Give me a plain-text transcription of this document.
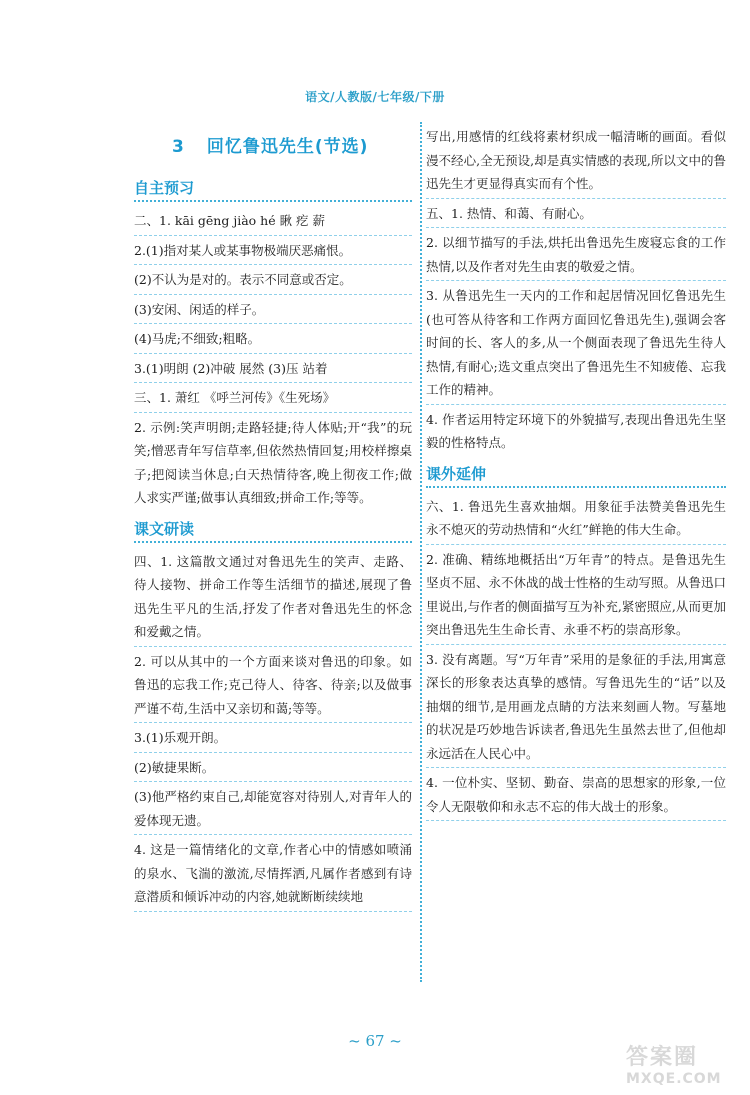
语文/人教版/七年级/下册
3 回忆鲁迅先生(节选)
自主预习

二、1. kāi gēng jiào hé 瞅 疙 薪

2.(1)指对某人或某事物极端厌恶痛恨。

(2)不认为是对的。表示不同意或否定。

(3)安闲、闲适的样子。

(4)马虎;不细致;粗略。

3.(1)明朗 (2)冲破 展然 (3)压 站着

三、1. 萧红 《呼兰河传》《生死场》

2. 示例:笑声明朗;走路轻捷;待人体贴;开“我”的玩笑;憎恶青年写信草率,但依然热情回复;用校样擦桌子;把阅读当休息;白天热情待客,晚上彻夜工作;做人求实严谨;做事认真细致;拼命工作;等等。

课文研读

四、1. 这篇散文通过对鲁迅先生的笑声、走路、待人接物、拼命工作等生活细节的描述,展现了鲁迅先生平凡的生活,抒发了作者对鲁迅先生的怀念和爱戴之情。

2. 可以从其中的一个方面来谈对鲁迅的印象。如鲁迅的忘我工作;克己待人、待客、待亲;以及做事严谨不苟,生活中又亲切和蔼;等等。

3.(1)乐观开朗。

(2)敏捷果断。

(3)他严格约束自己,却能宽容对待别人,对青年人的爱体现无遗。

4. 这是一篇情绪化的文章,作者心中的情感如喷涌的泉水、飞湍的激流,尽情挥洒,凡属作者感到有诗意潜质和倾诉冲动的内容,她就断断续续地

写出,用感情的红线将素材织成一幅清晰的画面。看似漫不经心,全无预设,却是真实情感的表现,所以文中的鲁迅先生才更显得真实而有个性。

五、1. 热情、和蔼、有耐心。

2. 以细节描写的手法,烘托出鲁迅先生废寝忘食的工作热情,以及作者对先生由衷的敬爱之情。

3. 从鲁迅先生一天内的工作和起居情况回忆鲁迅先生(也可答从待客和工作两方面回忆鲁迅先生),强调会客时间的长、客人的多,从一个侧面表现了鲁迅先生待人热情,有耐心;选文重点突出了鲁迅先生不知疲倦、忘我工作的精神。

4. 作者运用特定环境下的外貌描写,表现出鲁迅先生坚毅的性格特点。

课外延伸

六、1. 鲁迅先生喜欢抽烟。用象征手法赞美鲁迅先生永不熄灭的劳动热情和“火红”鲜艳的伟大生命。

2. 准确、精练地概括出“万年青”的特点。是鲁迅先生坚贞不屈、永不休战的战士性格的生动写照。从鲁迅口里说出,与作者的侧面描写互为补充,紧密照应,从而更加突出鲁迅先生生命长青、永垂不朽的崇高形象。

3. 没有离题。写“万年青”采用的是象征的手法,用寓意深长的形象表达真挚的感情。写鲁迅先生的“话”以及抽烟的细节,是用画龙点睛的方法来刻画人物。写墓地的状况是巧妙地告诉读者,鲁迅先生虽然去世了,但他却永远活在人民心中。

4. 一位朴实、坚韧、勤奋、崇高的思想家的形象,一位令人无限敬仰和永志不忘的伟大战士的形象。

~ 67 ~
答案圈
MXQE.COM
